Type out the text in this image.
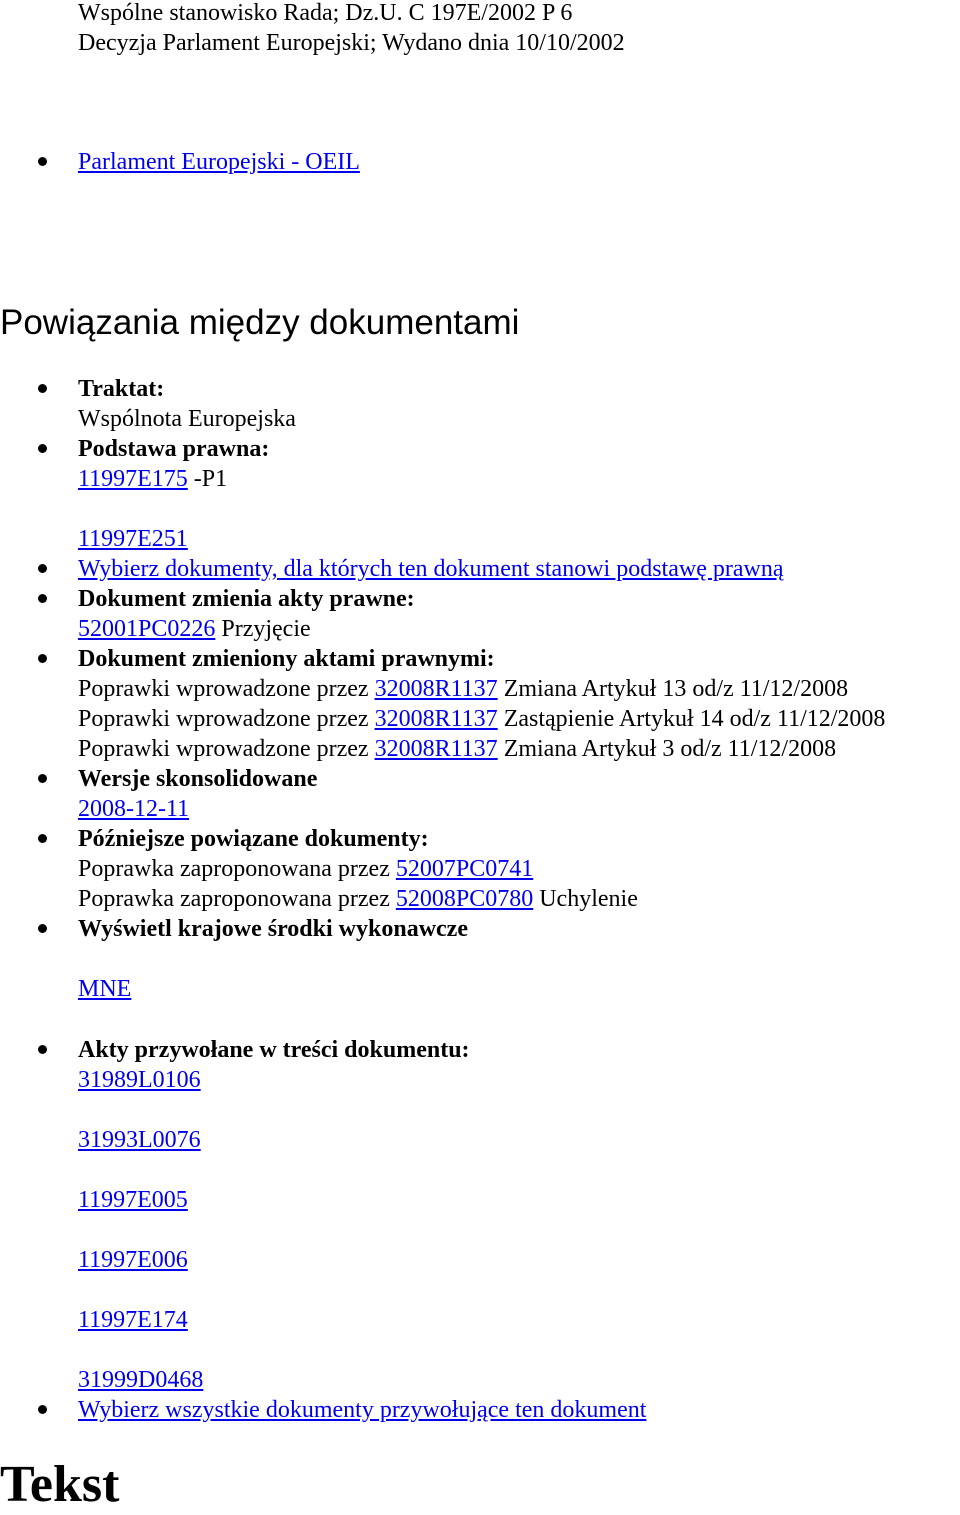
Wspólne stanowisko Rada; Dz.U. C 197E/2002 P 6
Decyzja Parlament Europejski; Wydano dnia 10/10/2002
Parlament Europejski - OEIL
Powiązania między dokumentami
Traktat:
Wspólnota Europejska
Podstawa prawna:
11997E175 -P1
11997E251
Wybierz dokumenty, dla których ten dokument stanowi podstawę prawną
Dokument zmienia akty prawne:
52001PC0226 Przyjęcie
Dokument zmieniony aktami prawnymi:
Poprawki wprowadzone przez 32008R1137 Zmiana Artykuł 13 od/z 11/12/2008
Poprawki wprowadzone przez 32008R1137 Zastąpienie Artykuł 14 od/z 11/12/2008
Poprawki wprowadzone przez 32008R1137 Zmiana Artykuł 3 od/z 11/12/2008
Wersje skonsolidowane
2008-12-11
Późniejsze powiązane dokumenty:
Poprawka zaproponowana przez 52007PC0741
Poprawka zaproponowana przez 52008PC0780 Uchylenie
Wyświetl krajowe środki wykonawcze
MNE
Akty przywołane w treści dokumentu:
31989L0106
31993L0076
11997E005
11997E006
11997E174
31999D0468
Wybierz wszystkie dokumenty przywołujące ten dokument
Tekst
